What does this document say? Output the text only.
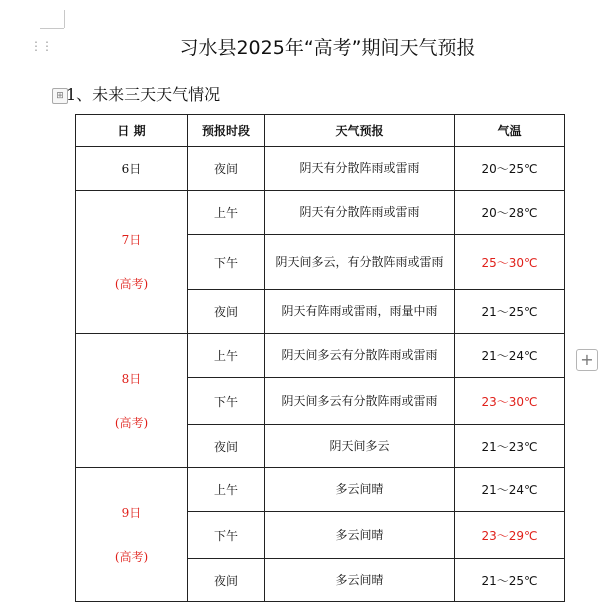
⋮⋮	习水县2025年“高考”期间天气预报
⊞ 1、未来三天天气情况
日 期	预报时段	天气预报	气温

6日	夜间	阴天有分散阵雨或雷雨	20～25℃

7日
(高考)	上午	阴天有分散阵雨或雷雨	20～28℃
	下午	阴天间多云，有分散阵雨或雷雨	25～30℃
	夜间	阴天有阵雨或雷雨，雨量中雨	21～25℃

8日
(高考)	上午	阴天间多云有分散阵雨或雷雨	21～24℃
	下午	阴天间多云有分散阵雨或雷雨	23～30℃
	夜间	阴天间多云	21～23℃

9日
(高考)	上午	多云间晴	21～24℃
	下午	多云间晴	23～29℃
	夜间	多云间晴	21～25℃
+
